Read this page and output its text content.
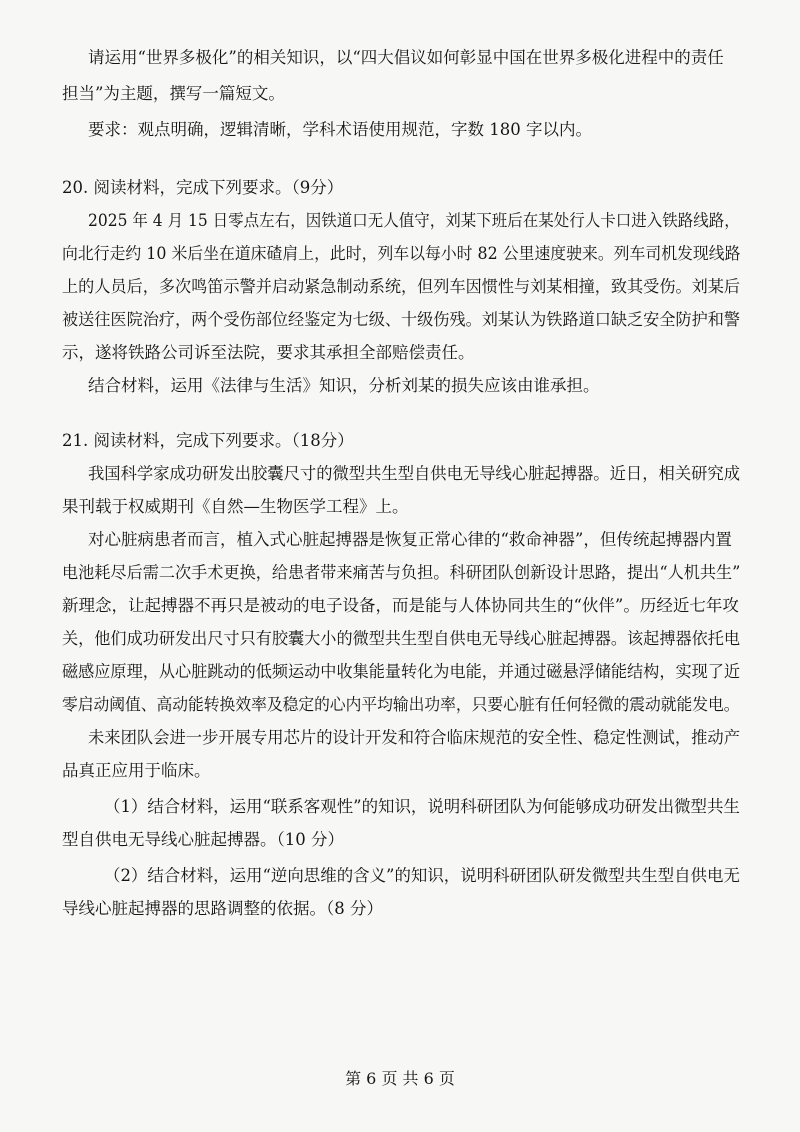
请运用“世界多极化”的相关知识，以“四大倡议如何彰显中国在世界多极化进程中的责任
担当”为主题，撰写一篇短文。
要求：观点明确，逻辑清晰，学科术语使用规范，字数 180 字以内。
20. 阅读材料，完成下列要求。（9分）
2025 年 4 月 15 日零点左右，因铁道口无人值守，刘某下班后在某处行人卡口进入铁路线路，
向北行走约 10 米后坐在道床碴肩上，此时，列车以每小时 82 公里速度驶来。列车司机发现线路
上的人员后，多次鸣笛示警并启动紧急制动系统，但列车因惯性与刘某相撞，致其受伤。刘某后
被送往医院治疗，两个受伤部位经鉴定为七级、十级伤残。刘某认为铁路道口缺乏安全防护和警
示，遂将铁路公司诉至法院，要求其承担全部赔偿责任。
结合材料，运用《法律与生活》知识，分析刘某的损失应该由谁承担。
21. 阅读材料，完成下列要求。（18分）
我国科学家成功研发出胶囊尺寸的微型共生型自供电无导线心脏起搏器。近日，相关研究成
果刊载于权威期刊《自然—生物医学工程》上。
对心脏病患者而言，植入式心脏起搏器是恢复正常心律的“救命神器”，但传统起搏器内置
电池耗尽后需二次手术更换，给患者带来痛苦与负担。科研团队创新设计思路，提出“人机共生”
新理念，让起搏器不再只是被动的电子设备，而是能与人体协同共生的“伙伴”。历经近七年攻
关，他们成功研发出尺寸只有胶囊大小的微型共生型自供电无导线心脏起搏器。该起搏器依托电
磁感应原理，从心脏跳动的低频运动中收集能量转化为电能，并通过磁悬浮储能结构，实现了近
零启动阈值、高动能转换效率及稳定的心内平均输出功率，只要心脏有任何轻微的震动就能发电。
未来团队会进一步开展专用芯片的设计开发和符合临床规范的安全性、稳定性测试，推动产
品真正应用于临床。
（1）结合材料，运用“联系客观性”的知识，说明科研团队为何能够成功研发出微型共生
型自供电无导线心脏起搏器。（10 分）
（2）结合材料，运用“逆向思维的含义”的知识，说明科研团队研发微型共生型自供电无
导线心脏起搏器的思路调整的依据。（8 分）
第 6 页 共 6 页
